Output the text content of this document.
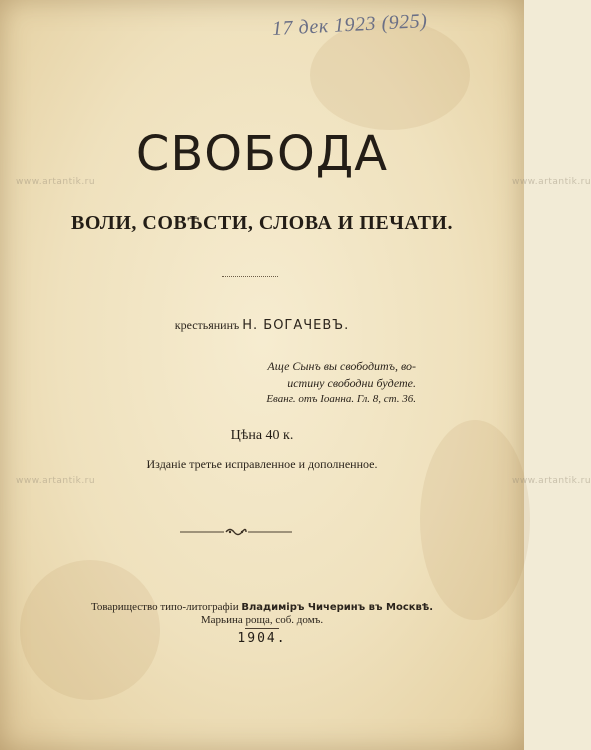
17 дек 1923 (925)
www.artantik.ru	www.artantik.ru
www.artantik.ru	www.artantik.ru
СВОБОДА
ВОЛИ, СОВѢСТИ, СЛОВА И ПЕЧАТИ.
крестьянинъ Н. БОГАЧЕВЪ.
Аще Сынъ вы свободитъ, во-
истину свободни будете.
Еванг. отъ Іоанна. Гл. 8, ст. 36.
Цѣна 40 к.
Изданіе третье исправленное и дополненное.
Товарищество типо-литографіи Владимiръ Чичеринъ въ Москвѣ.
Марьина роща, соб. домъ.
1904.
